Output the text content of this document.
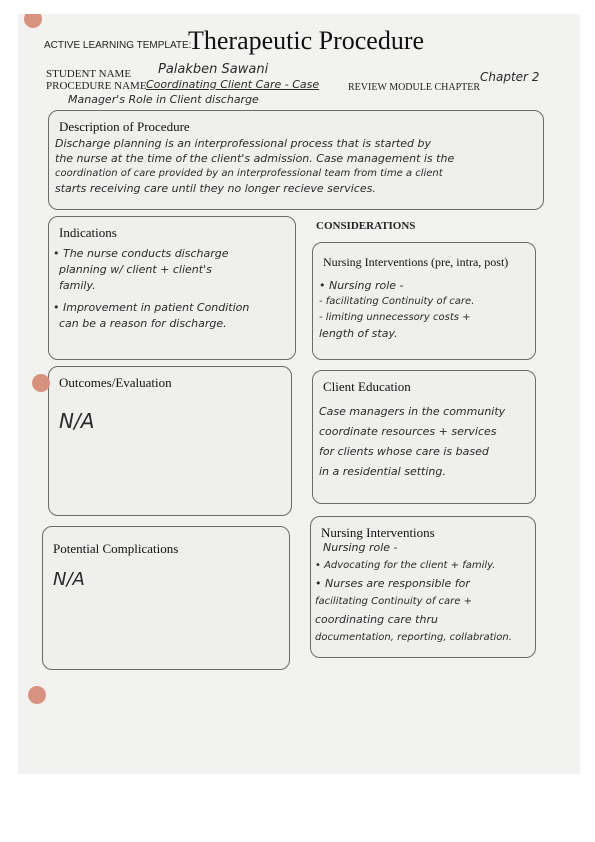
ACTIVE LEARNING TEMPLATE:
Therapeutic Procedure
STUDENT NAME Palakben Sawani
PROCEDURE NAME Coordinating Client Care - Case
Manager's Role in Client discharge
REVIEW MODULE CHAPTER
Chapter 2
Description of Procedure
Discharge planning is an interprofessional process that is started by
the nurse at the time of the client's admission. Case management is the
coordination of care provided by an interprofessional team from time a client
starts receiving care until they no longer recieve services.
Indications
• The nurse conducts discharge
planning w/ client + client's
family.
• Improvement in patient Condition
can be a reason for discharge.
CONSIDERATIONS
Nursing Interventions (pre, intra, post)
• Nursing role -
- facilitating Continuity of care.
- limiting unnecessory costs +
length of stay.
Outcomes/Evaluation
N/A
Client Education
Case managers in the community
coordinate resources + services
for clients whose care is based
in a residential setting.
Potential Complications
N/A
Nursing Interventions
Nursing role -
• Advocating for the client + family.
• Nurses are responsible for
facilitating Continuity of care +
coordinating care thru
documentation, reporting, collabration.
